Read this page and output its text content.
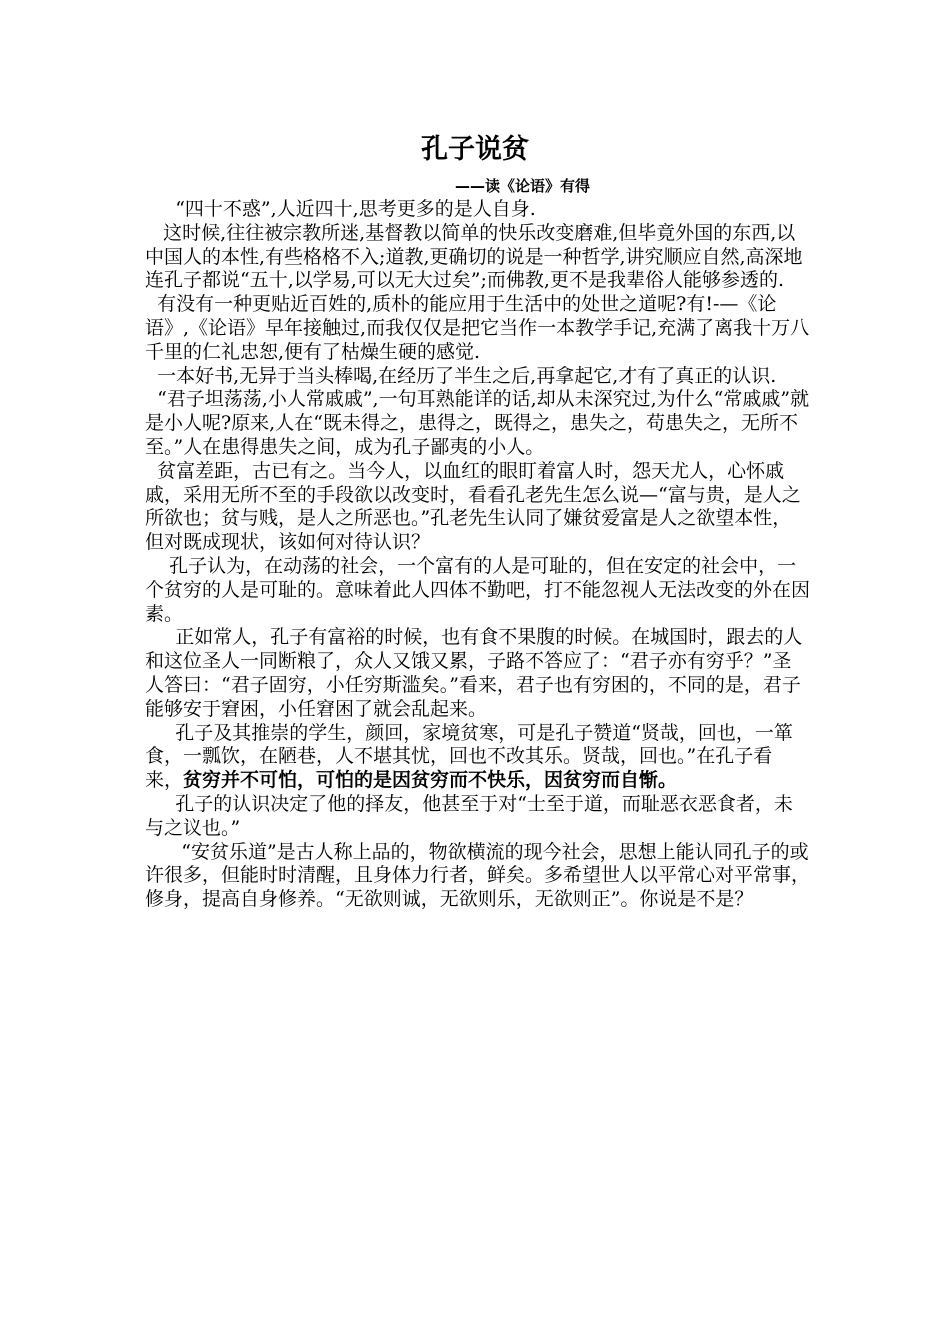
孔子说贫
——读《论语》有得

“四十不惑”,人近四十,思考更多的是人自身.

这时候,往往被宗教所迷,基督教以简单的快乐改变磨难,但毕竟外国的东西,以中国人的本性,有些格格不入;道教,更确切的说是一种哲学,讲究顺应自然,高深地连孔子都说“五十,以学易,可以无大过矣”;而佛教,更不是我辈俗人能够参透的.

有没有一种更贴近百姓的,质朴的能应用于生活中的处世之道呢?有!-—《论语》,《论语》早年接触过,而我仅仅是把它当作一本教学手记,充满了离我十万八千里的仁礼忠恕,便有了枯燥生硬的感觉.

一本好书,无异于当头棒喝,在经历了半生之后,再拿起它,才有了真正的认识.

“君子坦荡荡,小人常戚戚”,一句耳熟能详的话,却从未深究过,为什么“常戚戚”就是小人呢?原来,人在“既未得之，患得之，既得之，患失之，苟患失之，无所不至。”人在患得患失之间，成为孔子鄙夷的小人。

贫富差距，古已有之。当今人，以血红的眼盯着富人时，怨天尤人，心怀戚戚，采用无所不至的手段欲以改变时，看看孔老先生怎么说—“富与贵，是人之所欲也；贫与贱，是人之所恶也。”孔老先生认同了嫌贫爱富是人之欲望本性，但对既成现状，该如何对待认识？

孔子认为，在动荡的社会，一个富有的人是可耻的，但在安定的社会中，一个贫穷的人是可耻的。意味着此人四体不勤吧，打不能忽视人无法改变的外在因素。

正如常人，孔子有富裕的时候，也有食不果腹的时候。在城国时，跟去的人和这位圣人一同断粮了，众人又饿又累，子路不答应了：“君子亦有穷乎？”圣人答曰：“君子固穷，小任穷斯滥矣。”看来，君子也有穷困的，不同的是，君子能够安于窘困，小任窘困了就会乱起来。

孔子及其推崇的学生，颜回，家境贫寒，可是孔子赞道“贤哉，回也，一箪食，一瓢饮，在陋巷，人不堪其忧，回也不改其乐。贤哉，回也。”在孔子看来，贫穷并不可怕，可怕的是因贫穷而不快乐，因贫穷而自惭。

孔子的认识决定了他的择友，他甚至于对“士至于道，而耻恶衣恶食者，未与之议也。”

“安贫乐道”是古人称上品的，物欲横流的现今社会，思想上能认同孔子的或许很多，但能时时清醒，且身体力行者，鲜矣。多希望世人以平常心对平常事，修身，提高自身修养。“无欲则诚，无欲则乐，无欲则正”。你说是不是？
